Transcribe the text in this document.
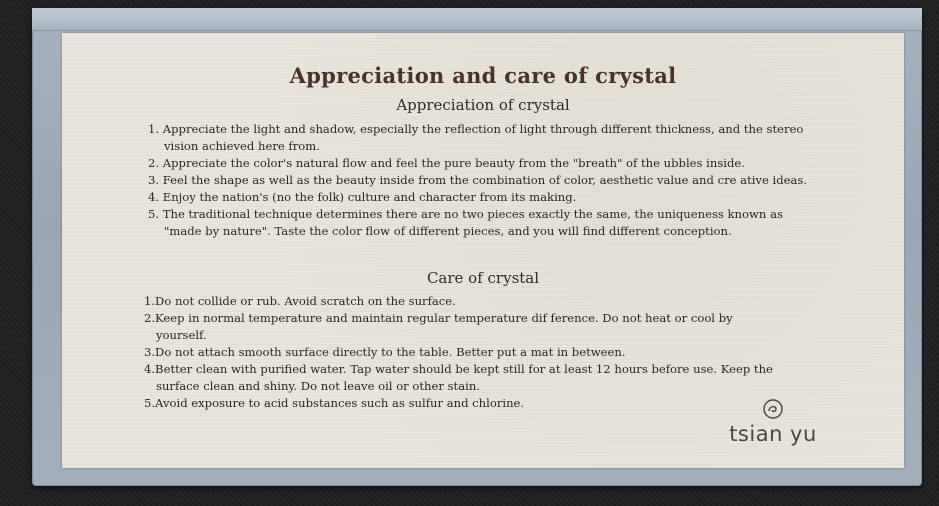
Appreciation and care of crystal
Appreciation of crystal
1. Appreciate the light and shadow, especially the reflection of light through different thickness, and the stereo vision achieved here from.
2. Appreciate the color's natural flow and feel the pure beauty from the "breath" of the ubbles inside.
3. Feel the shape as well as the beauty inside from the combination of color, aesthetic value and cre ative ideas.
4. Enjoy the nation's (no the folk) culture and character from its making.
5. The traditional technique determines there are no two pieces exactly the same, the uniqueness known as "made by nature". Taste the color flow of different pieces, and you will find different conception.
Care of crystal
1.Do not collide or rub. Avoid scratch on the surface.
2.Keep in normal temperature and maintain regular temperature dif ference. Do not heat or cool by yourself.
3.Do not attach smooth surface directly to the table. Better put a mat in between.
4.Better clean with purified water. Tap water should be kept still for at least 12 hours before use. Keep the surface clean and shiny. Do not leave oil or other stain.
5.Avoid exposure to acid substances such as sulfur and chlorine.
tsian yu
